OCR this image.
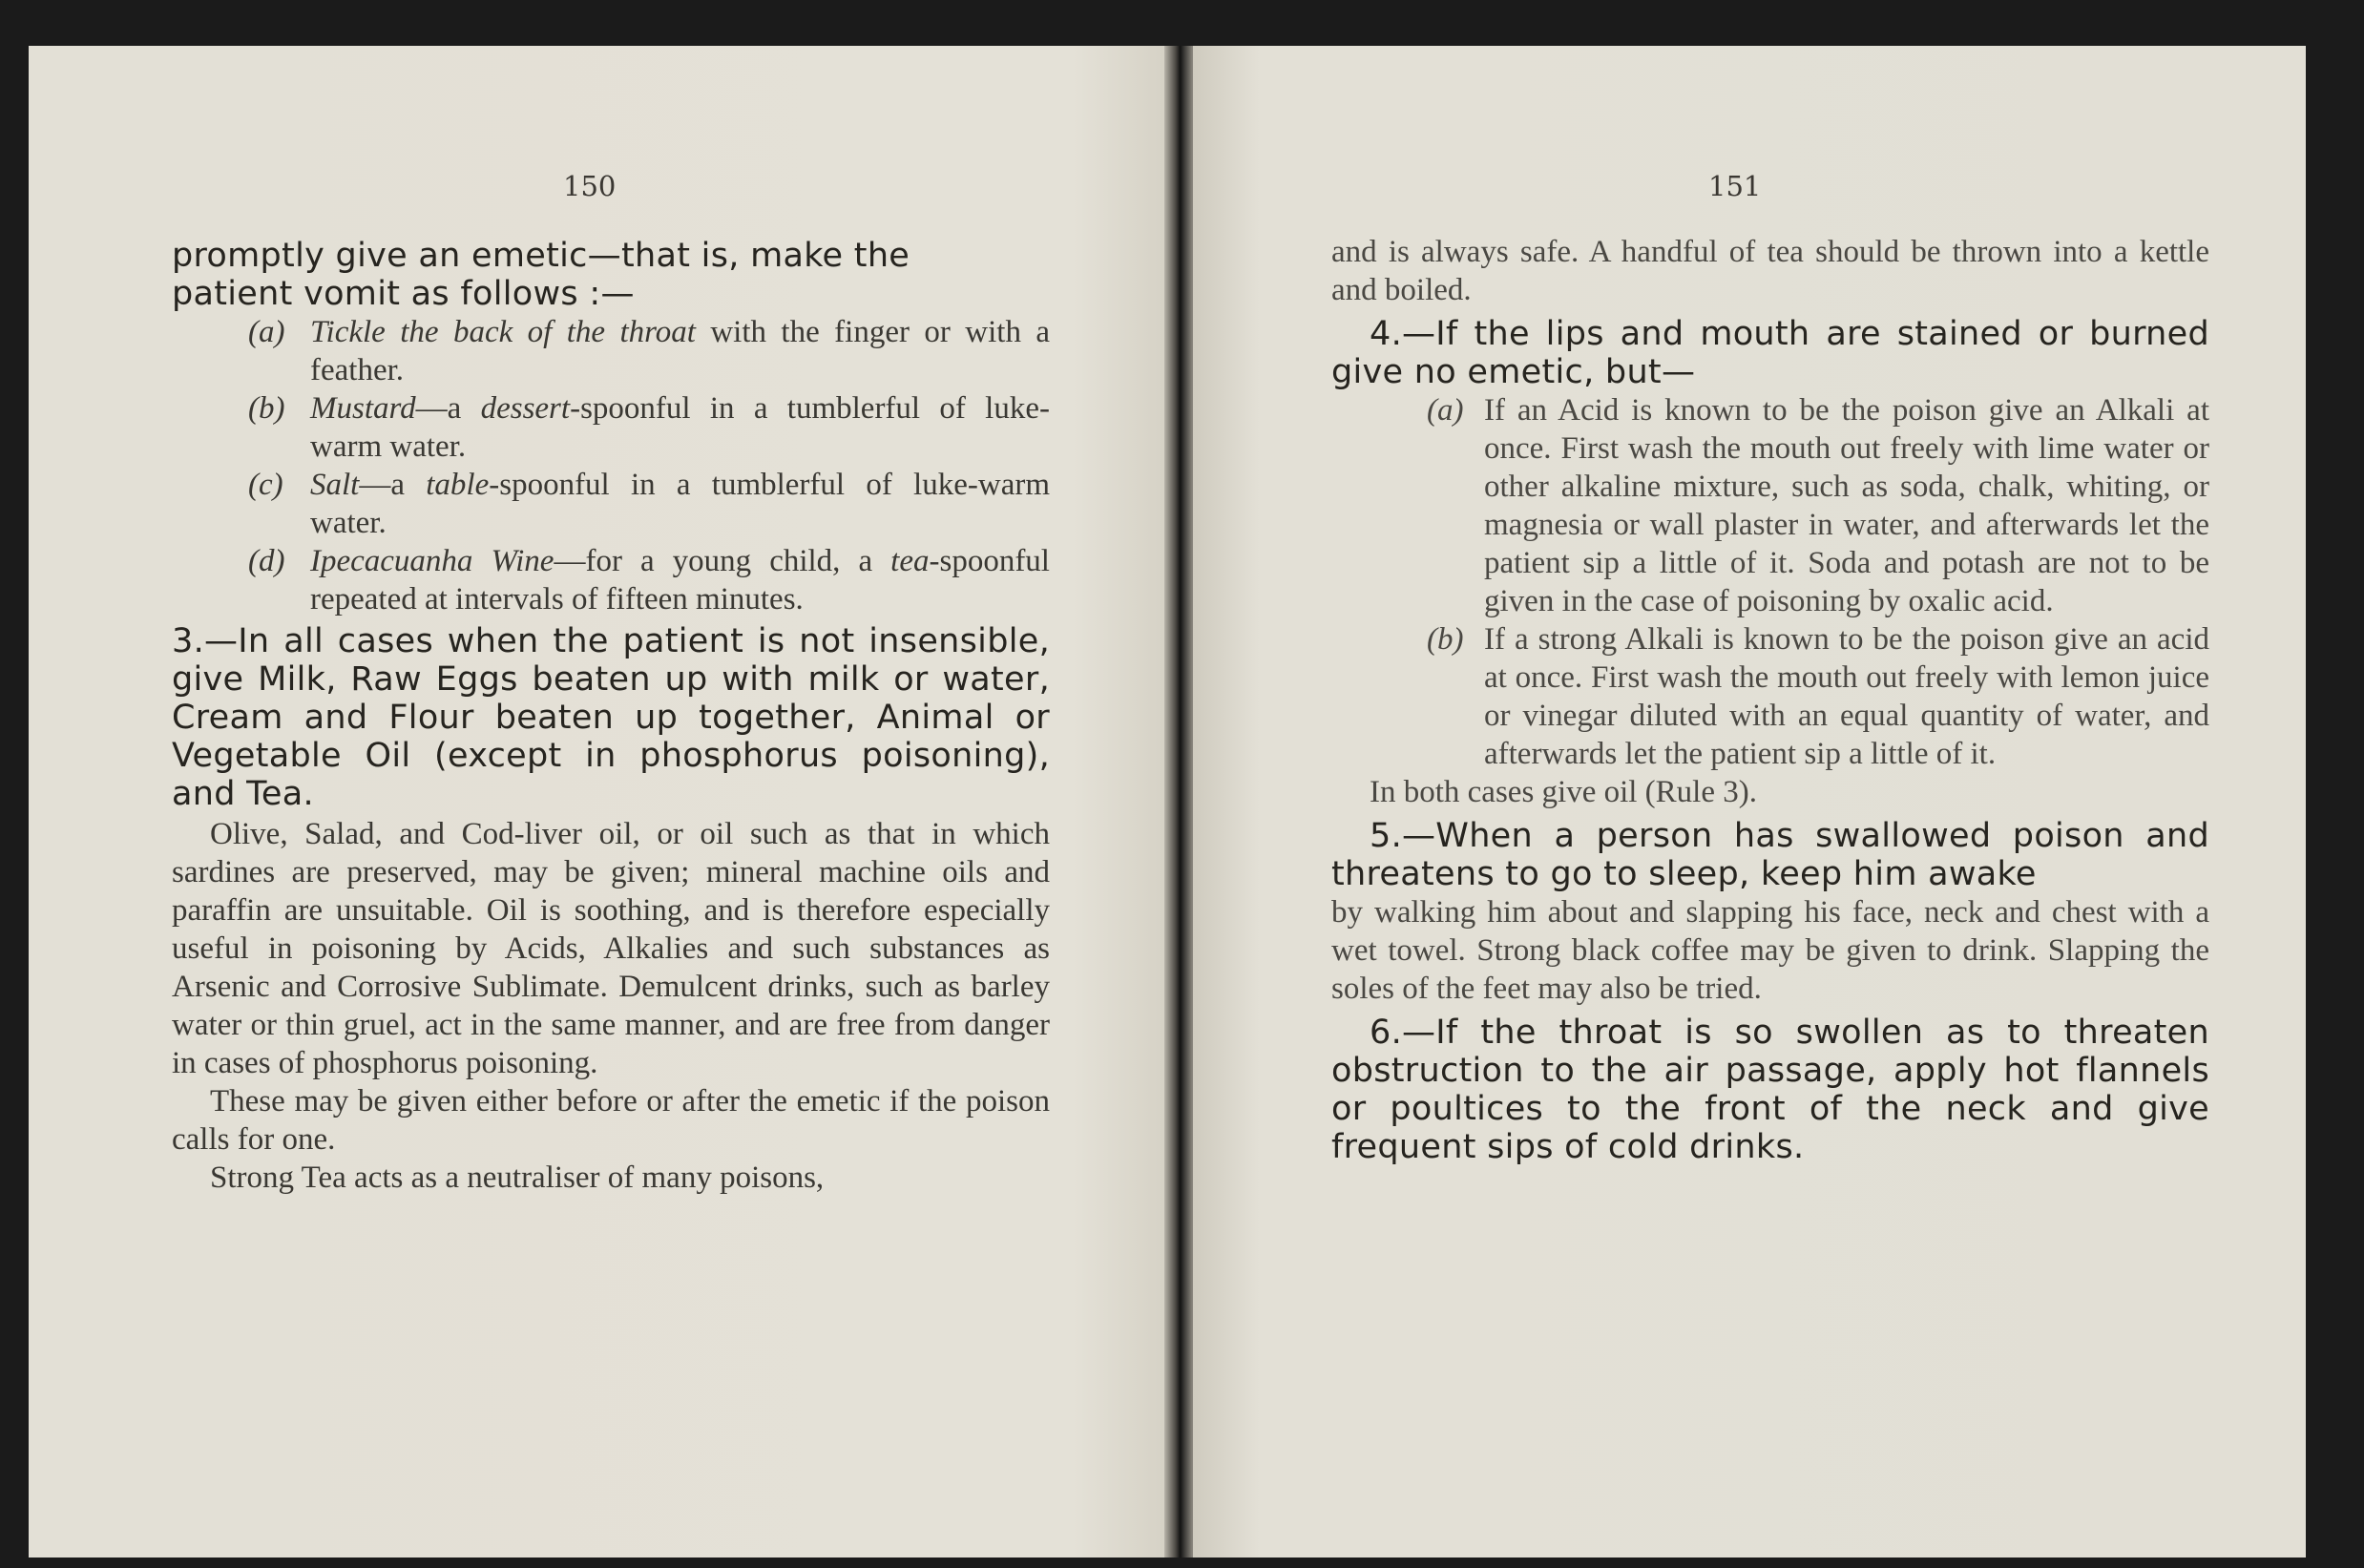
150

promptly give an emetic—that is, make the

patient vomit as follows :—

(a) Tickle the back of the throat with the finger or with a feather.

(b) Mustard—a dessert-spoonful in a tumblerful of luke-warm water.

(c) Salt—a table-spoonful in a tumblerful of luke-warm water.

(d) Ipecacuanha Wine—for a young child, a tea-spoonful repeated at intervals of fifteen minutes.

3.—In all cases when the patient is not insensible, give Milk, Raw Eggs beaten up with milk or water, Cream and Flour beaten up together, Animal or Vegetable Oil (except in phosphorus poisoning), and Tea.

Olive, Salad, and Cod-liver oil, or oil such as that in which sardines are preserved, may be given; mineral machine oils and paraffin are unsuitable. Oil is soothing, and is therefore especially useful in poisoning by Acids, Alkalies and such substances as Arsenic and Corrosive Sublimate. Demulcent drinks, such as barley water or thin gruel, act in the same manner, and are free from danger in cases of phosphorus poisoning.

These may be given either before or after the emetic if the poison calls for one.

Strong Tea acts as a neutraliser of many poisons,

151

and is always safe. A handful of tea should be thrown into a kettle and boiled.

4.—If the lips and mouth are stained or burned give no emetic, but—

(a) If an Acid is known to be the poison give an Alkali at once. First wash the mouth out freely with lime water or other alkaline mixture, such as soda, chalk, whiting, or magnesia or wall plaster in water, and afterwards let the patient sip a little of it. Soda and potash are not to be given in the case of poisoning by oxalic acid.

(b) If a strong Alkali is known to be the poison give an acid at once. First wash the mouth out freely with lemon juice or vinegar diluted with an equal quantity of water, and afterwards let the patient sip a little of it.

In both cases give oil (Rule 3).

5.—When a person has swallowed poison and threatens to go to sleep, keep him awake

by walking him about and slapping his face, neck and chest with a wet towel. Strong black coffee may be given to drink. Slapping the soles of the feet may also be tried.

6.—If the throat is so swollen as to threaten obstruction to the air passage, apply hot flannels or poultices to the front of the neck and give frequent sips of cold drinks.
